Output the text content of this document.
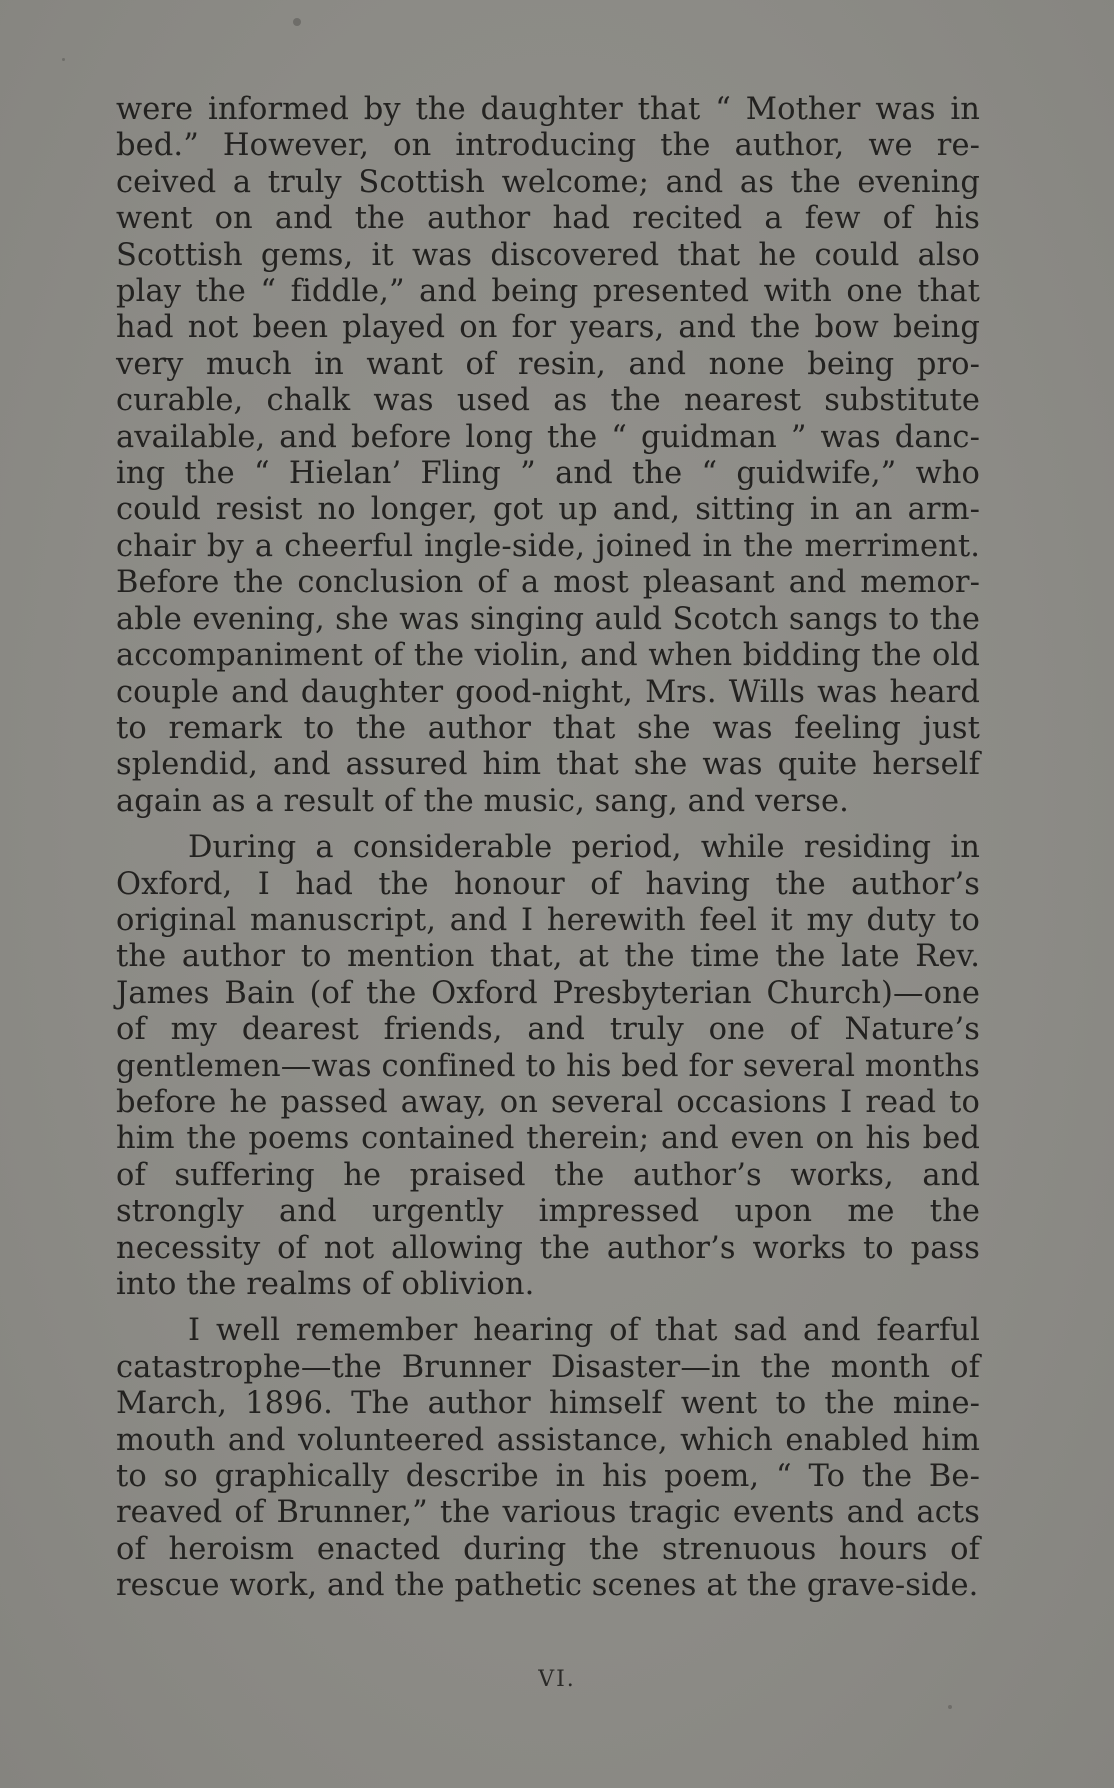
were informed by the daughter that “ Mother was in bed.” However, on introducing the author, we re-ceived a truly Scottish welcome; and as the evening went on and the author had recited a few of his Scottish gems, it was discovered that he could also play the “ fiddle,” and being presented with one that had not been played on for years, and the bow being very much in want of resin, and none being pro-curable, chalk was used as the nearest substitute available, and before long the “ guidman ” was danc-ing the “ Hielan’ Fling ” and the “ guidwife,” who could resist no longer, got up and, sitting in an arm-chair by a cheerful ingle-side, joined in the merriment. Before the conclusion of a most pleasant and memor-able evening, she was singing auld Scotch sangs to the accompaniment of the violin, and when bidding the old couple and daughter good-night, Mrs. Wills was heard to remark to the author that she was feeling just splendid, and assured him that she was quite herself again as a result of the music, sang, and verse.

During a considerable period, while residing in Oxford, I had the honour of having the author’s original manuscript, and I herewith feel it my duty to the author to mention that, at the time the late Rev. James Bain (of the Oxford Presbyterian Church)—one of my dearest friends, and truly one of Nature’s gentlemen—was confined to his bed for several months before he passed away, on several occasions I read to him the poems contained therein; and even on his bed of suffering he praised the author’s works, and strongly and urgently impressed upon me the necessity of not allowing the author’s works to pass into the realms of oblivion.

I well remember hearing of that sad and fearful catastrophe—the Brunner Disaster—in the month of March, 1896. The author himself went to the mine-mouth and volunteered assistance, which enabled him to so graphically describe in his poem, “ To the Be-reaved of Brunner,” the various tragic events and acts of heroism enacted during the strenuous hours of rescue work, and the pathetic scenes at the grave-side.

VI.
